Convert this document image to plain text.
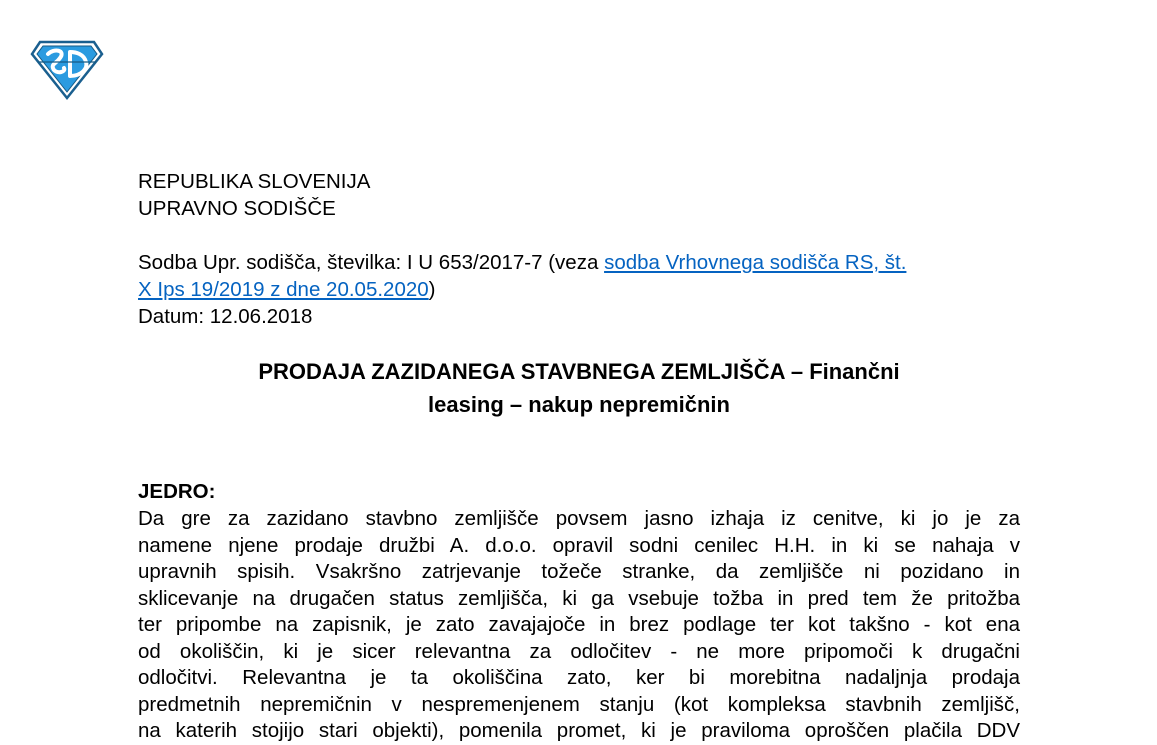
REPUBLIKA SLOVENIJA
UPRAVNO SODIŠČE
Sodba Upr. sodišča, številka: I U 653/2017-7 (veza sodba Vrhovnega sodišča RS, št.
X Ips 19/2019 z dne 20.05.2020)
Datum: 12.06.2018
PRODAJA ZAZIDANEGA STAVBNEGA ZEMLJIŠČA – Finančni
leasing – nakup nepremičnin
JEDRO:
Da gre za zazidano stavbno zemljišče povsem jasno izhaja iz cenitve, ki jo je za
namene njene prodaje družbi A. d.o.o. opravil sodni cenilec H.H. in ki se nahaja v
upravnih spisih. Vsakršno zatrjevanje tožeče stranke, da zemljišče ni pozidano in
sklicevanje na drugačen status zemljišča, ki ga vsebuje tožba in pred tem že pritožba
ter pripombe na zapisnik, je zato zavajajoče in brez podlage ter kot takšno - kot ena
od okoliščin, ki je sicer relevantna za odločitev - ne more pripomoči k drugačni
odločitvi. Relevantna je ta okoliščina zato, ker bi morebitna nadaljnja prodaja
predmetnih nepremičnin v nespremenjenem stanju (kot kompleksa stavbnih zemljišč,
na katerih stojijo stari objekti), pomenila promet, ki je praviloma oproščen plačila DDV
